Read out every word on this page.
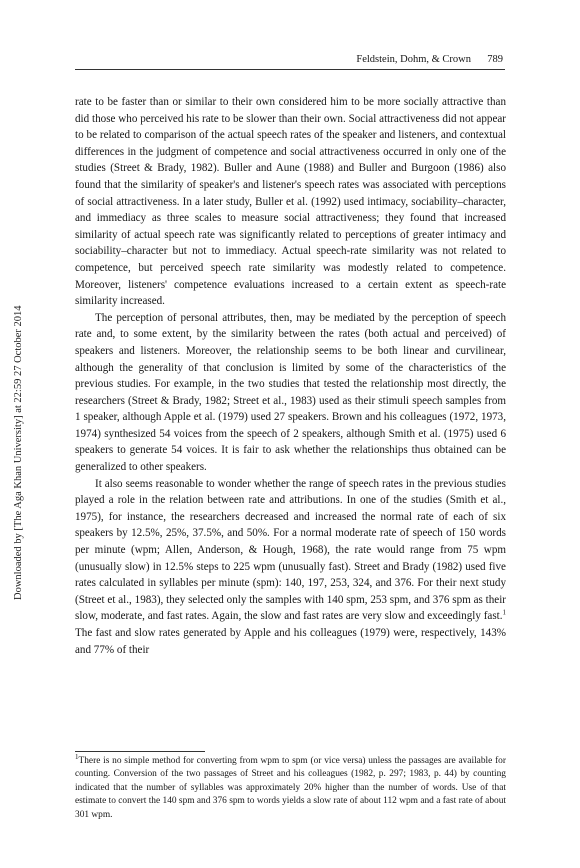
Feldstein, Dohm, & Crown 789
Downloaded by [The Aga Khan University] at 22:59 27 October 2014

rate to be faster than or similar to their own considered him to be more socially attractive than did those who perceived his rate to be slower than their own. Social attractiveness did not appear to be related to comparison of the actual speech rates of the speaker and listeners, and contextual differences in the judgment of competence and social attractiveness occurred in only one of the studies (Street & Brady, 1982). Buller and Aune (1988) and Buller and Burgoon (1986) also found that the similarity of speaker's and listener's speech rates was associated with perceptions of social attractiveness. In a later study, Buller et al. (1992) used intimacy, sociability–character, and immediacy as three scales to measure social attractiveness; they found that increased similarity of actual speech rate was significantly related to perceptions of greater intimacy and sociability–character but not to immediacy. Actual speech-rate similarity was not related to competence, but perceived speech rate similarity was modestly related to competence. Moreover, listeners' competence evaluations increased to a certain extent as speech-rate similarity increased.

The perception of personal attributes, then, may be mediated by the perception of speech rate and, to some extent, by the similarity between the rates (both actual and perceived) of speakers and listeners. Moreover, the relationship seems to be both linear and curvilinear, although the generality of that conclusion is limited by some of the characteristics of the previous studies. For example, in the two studies that tested the relationship most directly, the researchers (Street & Brady, 1982; Street et al., 1983) used as their stimuli speech samples from 1 speaker, although Apple et al. (1979) used 27 speakers. Brown and his colleagues (1972, 1973, 1974) synthesized 54 voices from the speech of 2 speakers, although Smith et al. (1975) used 6 speakers to generate 54 voices. It is fair to ask whether the relationships thus obtained can be generalized to other speakers.

It also seems reasonable to wonder whether the range of speech rates in the previous studies played a role in the relation between rate and attributions. In one of the studies (Smith et al., 1975), for instance, the researchers decreased and increased the normal rate of each of six speakers by 12.5%, 25%, 37.5%, and 50%. For a normal moderate rate of speech of 150 words per minute (wpm; Allen, Anderson, & Hough, 1968), the rate would range from 75 wpm (unusually slow) in 12.5% steps to 225 wpm (unusually fast). Street and Brady (1982) used five rates calculated in syllables per minute (spm): 140, 197, 253, 324, and 376. For their next study (Street et al., 1983), they selected only the samples with 140 spm, 253 spm, and 376 spm as their slow, moderate, and fast rates. Again, the slow and fast rates are very slow and exceedingly fast.$^1$ The fast and slow rates generated by Apple and his colleagues (1979) were, respectively, 143% and 77% of their

$^1$There is no simple method for converting from wpm to spm (or vice versa) unless the passages are available for counting. Conversion of the two passages of Street and his colleagues (1982, p. 297; 1983, p. 44) by counting indicated that the number of syllables was approximately 20% higher than the number of words. Use of that estimate to convert the 140 spm and 376 spm to words yields a slow rate of about 112 wpm and a fast rate of about 301 wpm.
